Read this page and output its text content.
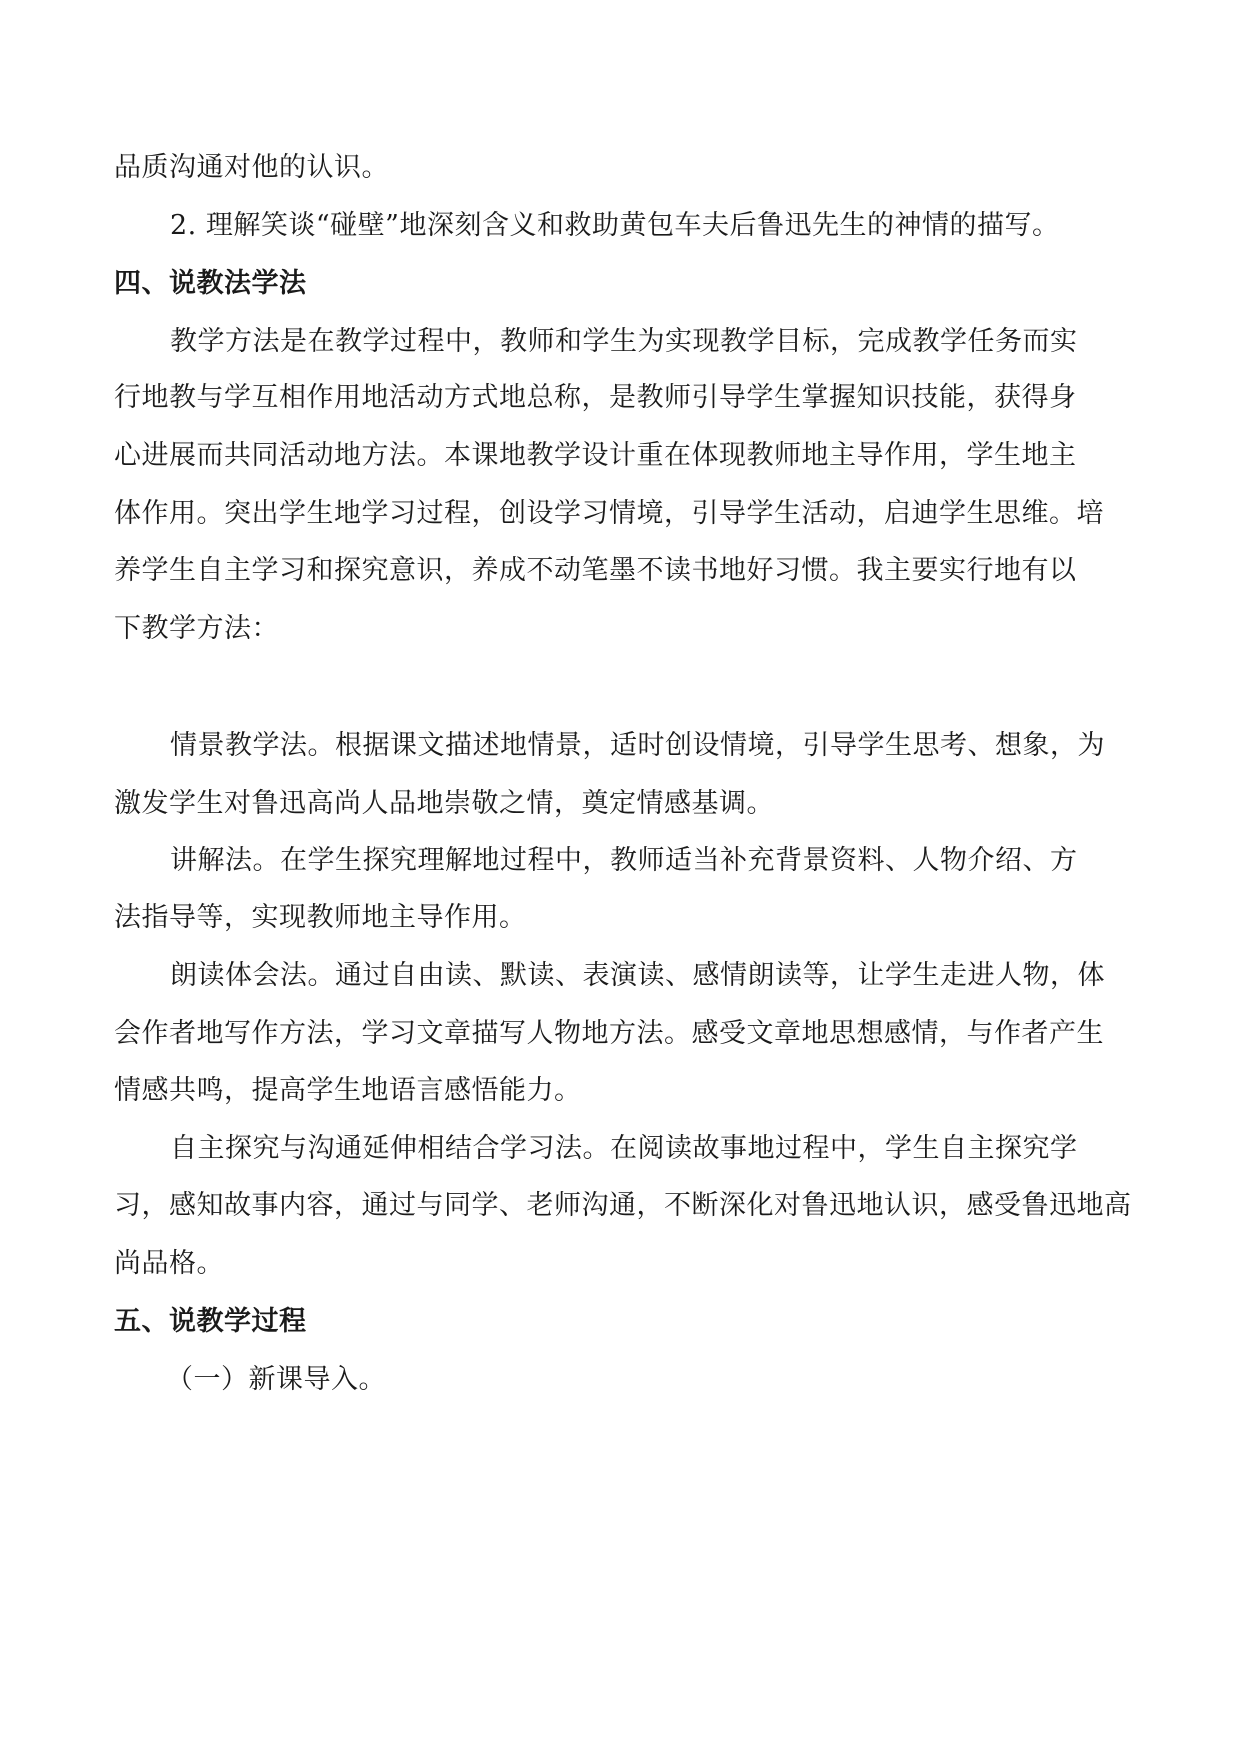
品质沟通对他的认识。
2. 理解笑谈“碰壁”地深刻含义和救助黄包车夫后鲁迅先生的神情的描写。
四、说教法学法
教学方法是在教学过程中，教师和学生为实现教学目标，完成教学任务而实
行地教与学互相作用地活动方式地总称，是教师引导学生掌握知识技能，获得身
心进展而共同活动地方法。本课地教学设计重在体现教师地主导作用，学生地主
体作用。突出学生地学习过程，创设学习情境，引导学生活动，启迪学生思维。培
养学生自主学习和探究意识，养成不动笔墨不读书地好习惯。我主要实行地有以
下教学方法：
情景教学法。根据课文描述地情景，适时创设情境，引导学生思考、想象，为
激发学生对鲁迅高尚人品地崇敬之情，奠定情感基调。
讲解法。在学生探究理解地过程中，教师适当补充背景资料、人物介绍、方
法指导等，实现教师地主导作用。
朗读体会法。通过自由读、默读、表演读、感情朗读等，让学生走进人物，体
会作者地写作方法，学习文章描写人物地方法。感受文章地思想感情，与作者产生
情感共鸣，提高学生地语言感悟能力。
自主探究与沟通延伸相结合学习法。在阅读故事地过程中，学生自主探究学
习，感知故事内容，通过与同学、老师沟通，不断深化对鲁迅地认识，感受鲁迅地高
尚品格。
五、说教学过程
（一）新课导入。
